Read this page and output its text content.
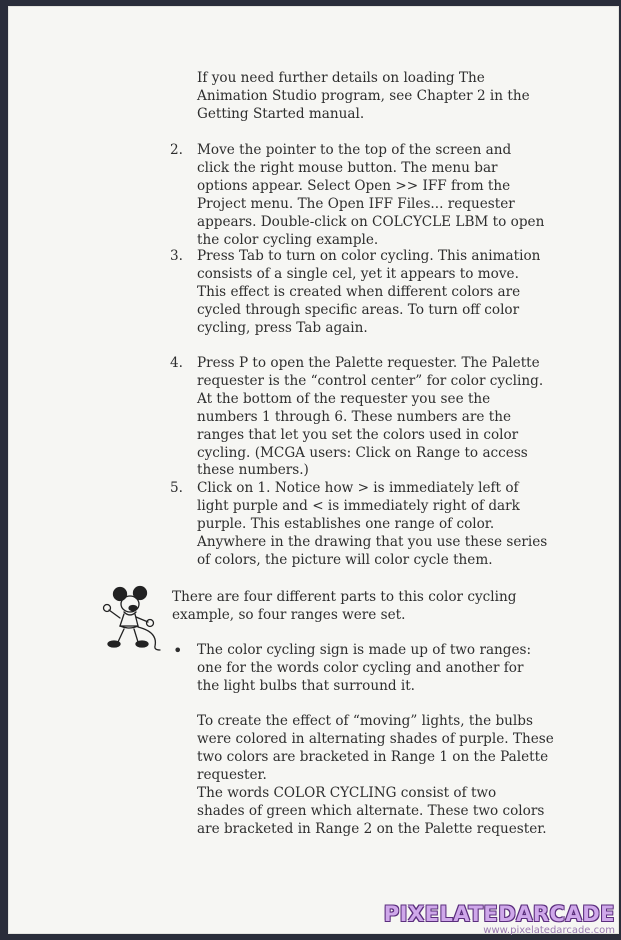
If you need further details on loading The Animation Studio program, see Chapter 2 in the Getting Started manual.

2. Move the pointer to the top of the screen and click the right mouse button. The menu bar options appear. Select Open >> IFF from the Project menu. The Open IFF Files... requester appears. Double-click on COLCYCLE LBM to open the color cycling example.

3. Press Tab to turn on color cycling. This animation consists of a single cel, yet it appears to move. This effect is created when different colors are cycled through specific areas. To turn off color cycling, press Tab again.

4. Press P to open the Palette requester. The Palette requester is the “control center” for color cycling. At the bottom of the requester you see the numbers 1 through 6. These numbers are the ranges that let you set the colors used in color cycling. (MCGA users: Click on Range to access these numbers.)

5. Click on 1. Notice how > is immediately left of light purple and < is immediately right of dark purple. This establishes one range of color. Anywhere in the drawing that you use these series of colors, the picture will color cycle them.

There are four different parts to this color cycling example, so four ranges were set.

• The color cycling sign is made up of two ranges: one for the words color cycling and another for the light bulbs that surround it.

To create the effect of “moving” lights, the bulbs were colored in alternating shades of purple. These two colors are bracketed in Range 1 on the Palette requester.

The words COLOR CYCLING consist of two shades of green which alternate. These two colors are bracketed in Range 2 on the Palette requester.

PIXELATEDARCADE
www.pixelatedarcade.com
